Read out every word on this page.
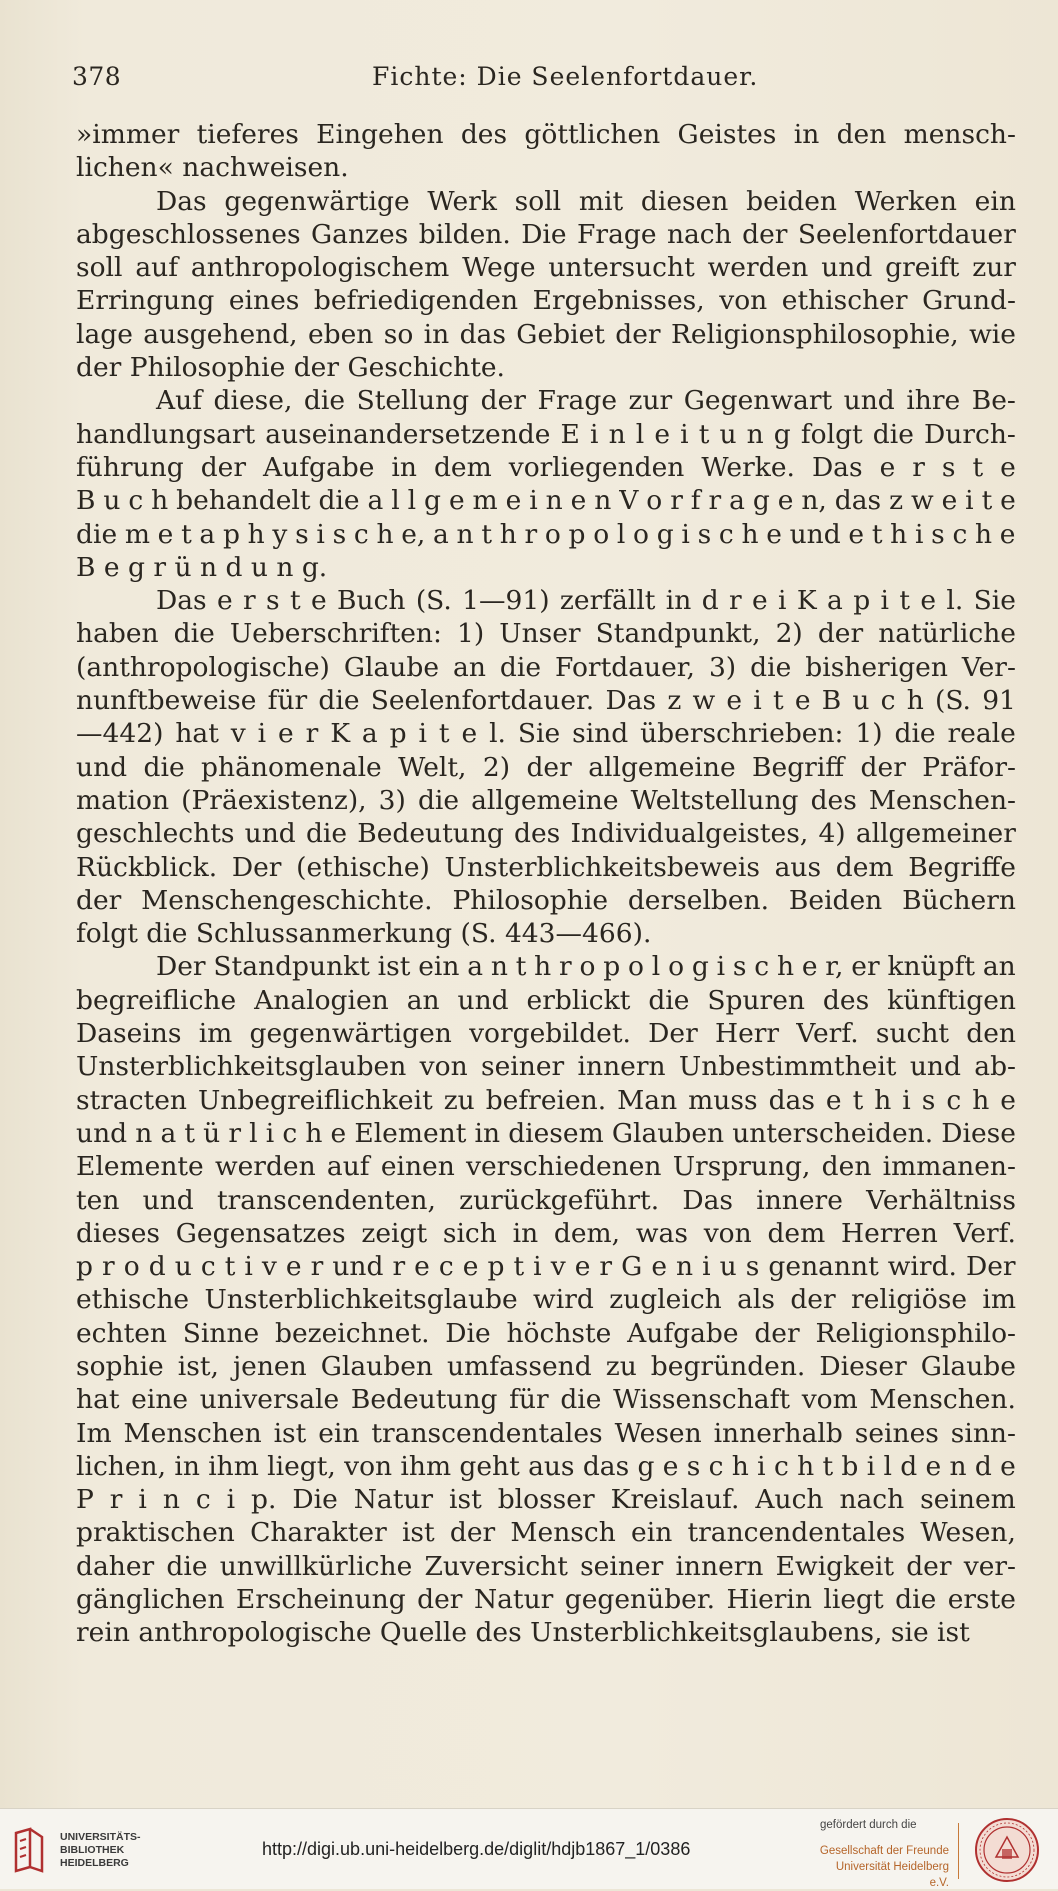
378	Fichte: Die Seelenfortdauer.
»immer tieferes Eingehen des göttlichen Geistes in den mensch-
lichen« nachweisen.
Das gegenwärtige Werk soll mit diesen beiden Werken ein
abgeschlossenes Ganzes bilden. Die Frage nach der Seelenfortdauer
soll auf anthropologischem Wege untersucht werden und greift zur
Erringung eines befriedigenden Ergebnisses, von ethischer Grund-
lage ausgehend, eben so in das Gebiet der Religionsphilosophie, wie
der Philosophie der Geschichte.
Auf diese, die Stellung der Frage zur Gegenwart und ihre Be-
handlungsart auseinandersetzende E i n l e i t u n g folgt die Durch-
führung der Aufgabe in dem vorliegenden Werke. Das e r s t e
B u c h behandelt die a l l g e m e i n e n V o r f r a g e n, das z w e i t e
die m e t a p h y s i s c h e, a n t h r o p o l o g i s c h e und e t h i s c h e
B e g r ü n d u n g.
Das e r s t e Buch (S. 1—91) zerfällt in d r e i K a p i t e l. Sie
haben die Ueberschriften: 1) Unser Standpunkt, 2) der natürliche
(anthropologische) Glaube an die Fortdauer, 3) die bisherigen Ver-
nunftbeweise für die Seelenfortdauer. Das z w e i t e B u c h (S. 91
—442) hat v i e r K a p i t e l. Sie sind überschrieben: 1) die reale
und die phänomenale Welt, 2) der allgemeine Begriff der Präfor-
mation (Präexistenz), 3) die allgemeine Weltstellung des Menschen-
geschlechts und die Bedeutung des Individualgeistes, 4) allgemeiner
Rückblick. Der (ethische) Unsterblichkeitsbeweis aus dem Begriffe
der Menschengeschichte. Philosophie derselben. Beiden Büchern
folgt die Schlussanmerkung (S. 443—466).
Der Standpunkt ist ein a n t h r o p o l o g i s c h e r, er knüpft an
begreifliche Analogien an und erblickt die Spuren des künftigen
Daseins im gegenwärtigen vorgebildet. Der Herr Verf. sucht den
Unsterblichkeitsglauben von seiner innern Unbestimmtheit und ab-
stracten Unbegreiflichkeit zu befreien. Man muss das e t h i s c h e
und n a t ü r l i c h e Element in diesem Glauben unterscheiden. Diese
Elemente werden auf einen verschiedenen Ursprung, den immanen-
ten und transcendenten, zurückgeführt. Das innere Verhältniss
dieses Gegensatzes zeigt sich in dem, was von dem Herren Verf.
p r o d u c t i v e r und r e c e p t i v e r G e n i u s genannt wird. Der
ethische Unsterblichkeitsglaube wird zugleich als der religiöse im
echten Sinne bezeichnet. Die höchste Aufgabe der Religionsphilo-
sophie ist, jenen Glauben umfassend zu begründen. Dieser Glaube
hat eine universale Bedeutung für die Wissenschaft vom Menschen.
Im Menschen ist ein transcendentales Wesen innerhalb seines sinn-
lichen, in ihm liegt, von ihm geht aus das g e s c h i c h t b i l d e n d e
P r i n c i p. Die Natur ist blosser Kreislauf. Auch nach seinem
praktischen Charakter ist der Mensch ein trancendentales Wesen,
daher die unwillkürliche Zuversicht seiner innern Ewigkeit der ver-
gänglichen Erscheinung der Natur gegenüber. Hierin liegt die erste
rein anthropologische Quelle des Unsterblichkeitsglaubens, sie ist
UNIVERSITÄTS-
BIBLIOTHEK
HEIDELBERG
http://digi.ub.uni-heidelberg.de/diglit/hdjb1867_1/0386
gefördert durch die
Gesellschaft der Freunde
Universität Heidelberg e.V.
